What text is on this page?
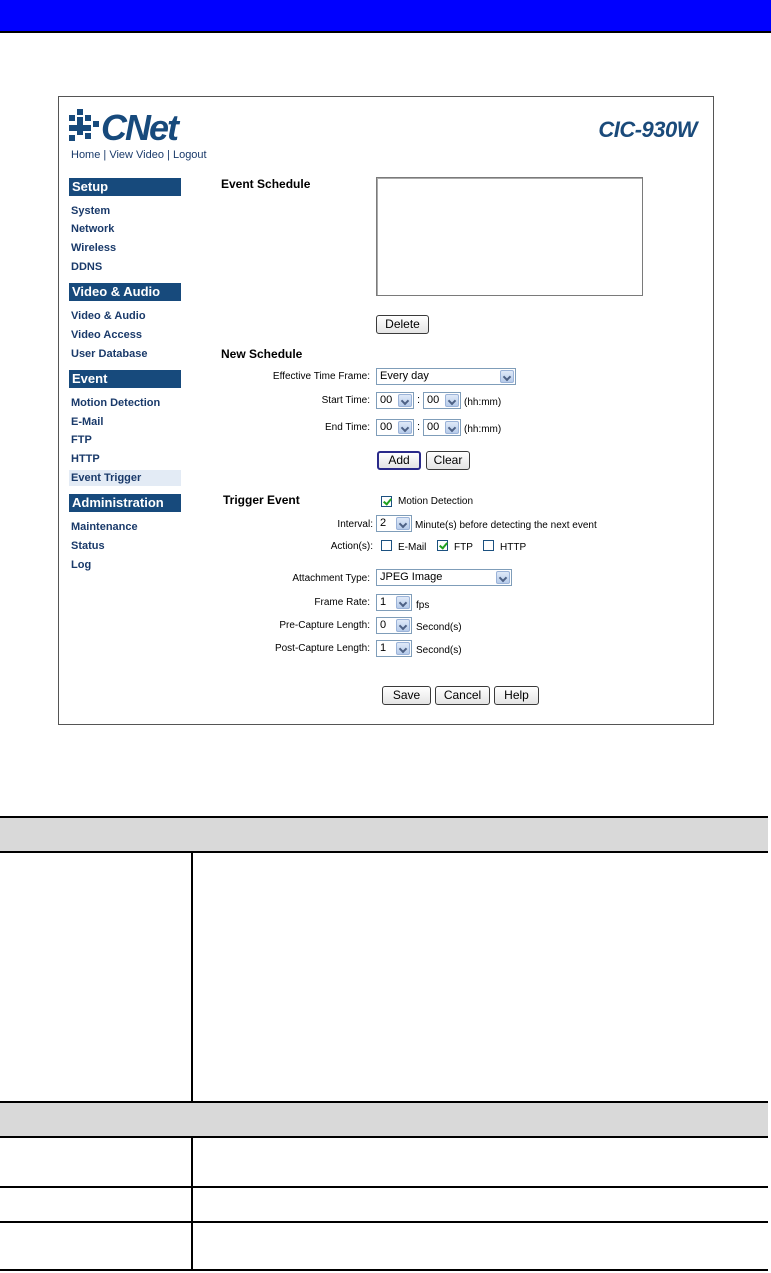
CNet	CIC-930W
Home | View Video | Logout
Setup
System
Network
Wireless
DDNS
Video & Audio
Video & Audio
Video Access
User Database
Event
Motion Detection
E-Mail
FTP
HTTP
Event Trigger
Administration
Maintenance
Status
Log
Event Schedule
Delete
New Schedule
Effective Time Frame: Every day
Start Time: 00	: 00	(hh:mm)
End Time: 00	: 00	(hh:mm)
Add	Clear
Trigger Event	Motion Detection
Interval: 2	Minute(s) before detecting the next event
Action(s):	E-Mail	FTP	HTTP
Attachment Type: JPEG Image
Frame Rate: 1	fps
Pre-Capture Length: 0	Second(s)
Post-Capture Length: 1	Second(s)
Save	Cancel	Help
